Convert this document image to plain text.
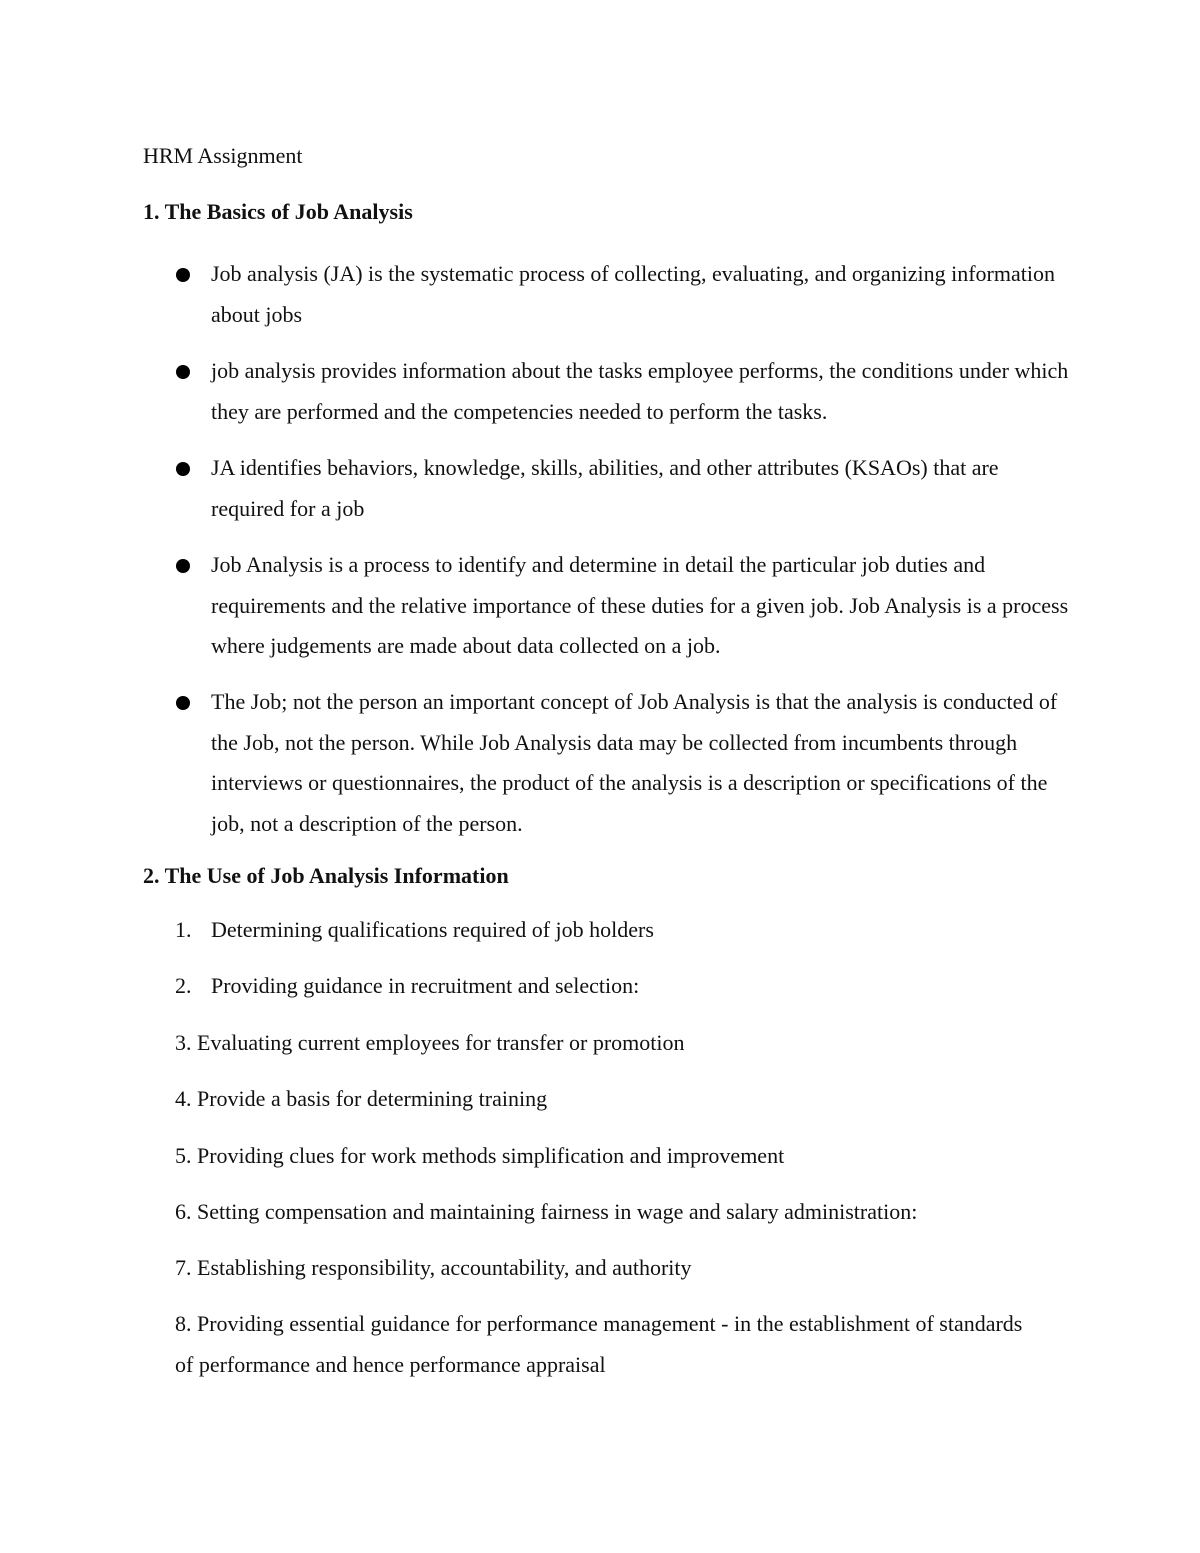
HRM Assignment
1. The Basics of Job Analysis
Job analysis (JA) is the systematic process of collecting, evaluating, and organizing information about jobs
job analysis provides information about the tasks employee performs, the conditions under which they are performed and the competencies needed to perform the tasks.
JA identifies behaviors, knowledge, skills, abilities, and other attributes (KSAOs) that are required for a job
Job Analysis is a process to identify and determine in detail the particular job duties and requirements and the relative importance of these duties for a given job. Job Analysis is a process where judgements are made about data collected on a job.
The Job; not the person an important concept of Job Analysis is that the analysis is conducted of the Job, not the person. While Job Analysis data may be collected from incumbents through interviews or questionnaires, the product of the analysis is a description or specifications of the job, not a description of the person.
2. The Use of Job Analysis Information
1. Determining qualifications required of job holders
2. Providing guidance in recruitment and selection:
3. Evaluating current employees for transfer or promotion
4. Provide a basis for determining training
5. Providing clues for work methods simplification and improvement
6. Setting compensation and maintaining fairness in wage and salary administration:
7. Establishing responsibility, accountability, and authority
8. Providing essential guidance for performance management - in the establishment of standards of performance and hence performance appraisal
